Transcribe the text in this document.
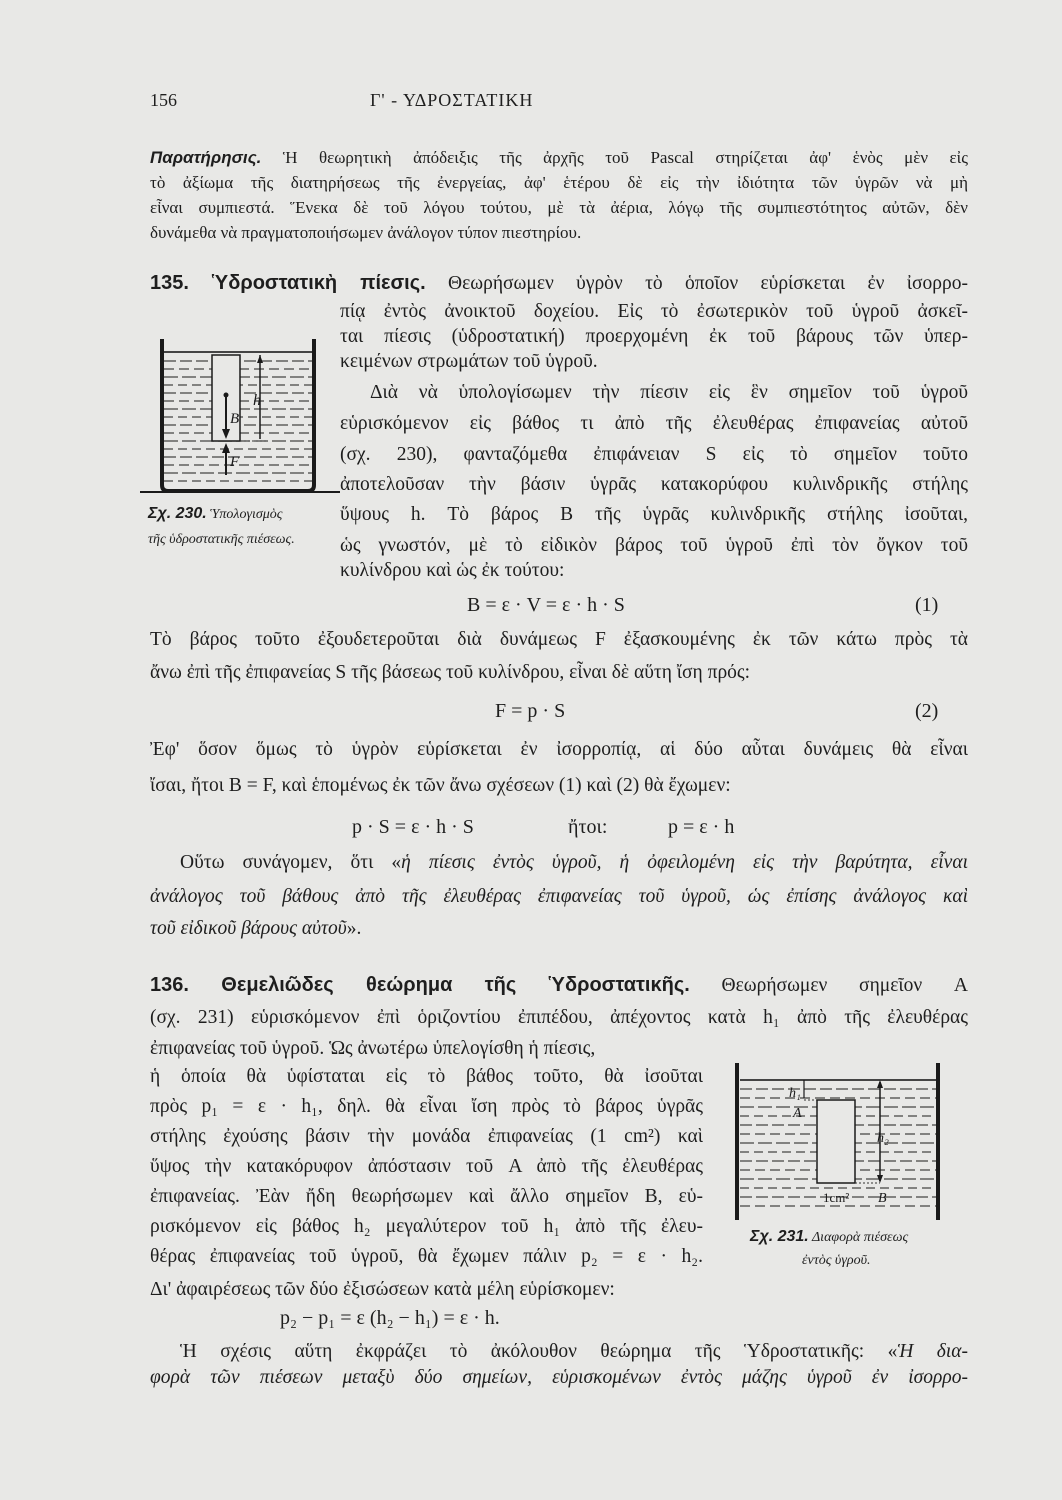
156	Γ' - ΥΔΡΟΣΤΑΤΙΚΗ
Παρατήρησις. Ἡ θεωρητικὴ ἀπόδειξις τῆς ἀρχῆς τοῦ Pascal στηρίζεται ἀφ' ἑνὸς μὲν εἰς
τὸ ἀξίωμα τῆς διατηρήσεως τῆς ἐνεργείας, ἀφ' ἑτέρου δὲ εἰς τὴν ἰδιότητα τῶν ὑγρῶν νὰ μὴ
εἶναι συμπιεστά. Ἕνεκα δὲ τοῦ λόγου τούτου, μὲ τὰ ἀέρια, λόγῳ τῆς συμπιεστότητος αὐτῶν, δὲν
δυνάμεθα νὰ πραγματοποιήσωμεν ἀνάλογον τύπον πιεστηρίου.
135. Ὑδροστατικὴ πίεσις. Θεωρήσωμεν ὑγρὸν τὸ ὁποῖον εὑρίσκεται ἐν ἰσορρο-
πίᾳ ἐντὸς ἀνοικτοῦ δοχείου. Εἰς τὸ ἐσωτερικὸν τοῦ ὑγροῦ ἀσκεῖ-
ται πίεσις (ὑδροστατική) προερχομένη ἐκ τοῦ βάρους τῶν ὑπερ-
κειμένων στρωμάτων τοῦ ὑγροῦ.
Διὰ νὰ ὑπολογίσωμεν τὴν πίεσιν εἰς ἓν σημεῖον τοῦ ὑγροῦ
εὑρισκόμενον εἰς βάθος τι ἀπὸ τῆς ἐλευθέρας ἐπιφανείας αὐτοῦ
(σχ. 230), φανταζόμεθα ἐπιφάνειαν S εἰς τὸ σημεῖον τοῦτο
ἀποτελοῦσαν τὴν βάσιν ὑγρᾶς κατακορύφου κυλινδρικῆς στήλης
ὕψους h. Τὸ βάρος B τῆς ὑγρᾶς κυλινδρικῆς στήλης ἰσοῦται,
ὡς γνωστόν, μὲ τὸ εἰδικὸν βάρος τοῦ ὑγροῦ ἐπὶ τὸν ὄγκον τοῦ
κυλίνδρου καὶ ὡς ἐκ τούτου:
B = ε · V = ε · h · S	(1)
Τὸ βάρος τοῦτο ἐξουδετεροῦται διὰ δυνάμεως F ἐξασκουμένης ἐκ τῶν κάτω πρὸς τὰ
ἄνω ἐπὶ τῆς ἐπιφανείας S τῆς βάσεως τοῦ κυλίνδρου, εἶναι δὲ αὕτη ἴση πρός:
F = p · S	(2)
Ἐφ' ὅσον ὅμως τὸ ὑγρὸν εὑρίσκεται ἐν ἰσορροπίᾳ, αἱ δύο αὗται δυνάμεις θὰ εἶναι
ἴσαι, ἤτοι B = F, καὶ ἑπομένως ἐκ τῶν ἄνω σχέσεων (1) καὶ (2) θὰ ἔχωμεν:
p · S = ε · h · S	ἤτοι:	p = ε · h
Οὕτω συνάγομεν, ὅτι «ἡ πίεσις ἐντὸς ὑγροῦ, ἡ ὀφειλομένη εἰς τὴν βαρύτητα, εἶναι
ἀνάλογος τοῦ βάθους ἀπὸ τῆς ἐλευθέρας ἐπιφανείας τοῦ ὑγροῦ, ὡς ἐπίσης ἀνάλογος καὶ
τοῦ εἰδικοῦ βάρους αὐτοῦ».
136. Θεμελιῶδες θεώρημα τῆς Ὑδροστατικῆς. Θεωρήσωμεν σημεῖον A
(σχ. 231) εὑρισκόμενον ἐπὶ ὁριζοντίου ἐπιπέδου, ἀπέχοντος κατὰ h₁ ἀπὸ τῆς ἐλευθέρας
ἐπιφανείας τοῦ ὑγροῦ. Ὡς ἀνωτέρω ὑπελογίσθη ἡ πίεσις,
ἡ ὁποία θὰ ὑφίσταται εἰς τὸ βάθος τοῦτο, θὰ ἰσοῦται
πρὸς p₁ = ε · h₁, δηλ. θὰ εἶναι ἴση πρὸς τὸ βάρος ὑγρᾶς
στήλης ἐχούσης βάσιν τὴν μονάδα ἐπιφανείας (1 cm²) καὶ
ὕψος τὴν κατακόρυφον ἀπόστασιν τοῦ A ἀπὸ τῆς ἐλευθέρας
ἐπιφανείας. Ἐὰν ἤδη θεωρήσωμεν καὶ ἄλλο σημεῖον B, εὑ-
ρισκόμενον εἰς βάθος h₂ μεγαλύτερον τοῦ h₁ ἀπὸ τῆς ἐλευ-
θέρας ἐπιφανείας τοῦ ὑγροῦ, θὰ ἔχωμεν πάλιν p₂ = ε · h₂.
Δι' ἀφαιρέσεως τῶν δύο ἐξισώσεων κατὰ μέλη εὑρίσκομεν:
p₂ − p₁ = ε (h₂ − h₁) = ε · h.
Ἡ σχέσις αὕτη ἐκφράζει τὸ ἀκόλουθον θεώρημα τῆς Ὑδροστατικῆς: «Ἡ δια-
φορὰ τῶν πιέσεων μεταξὺ δύο σημείων, εὑρισκομένων ἐντὸς μάζης ὑγροῦ ἐν ἰσορρο-
h
B
F
Σχ. 230. Ὑπολογισμὸς
τῆς ὑδροστατικῆς πιέσεως.
h₁
A
h₂
1cm² B
Σχ. 231. Διαφορὰ πιέσεως
ἐντὸς ὑγροῦ.
